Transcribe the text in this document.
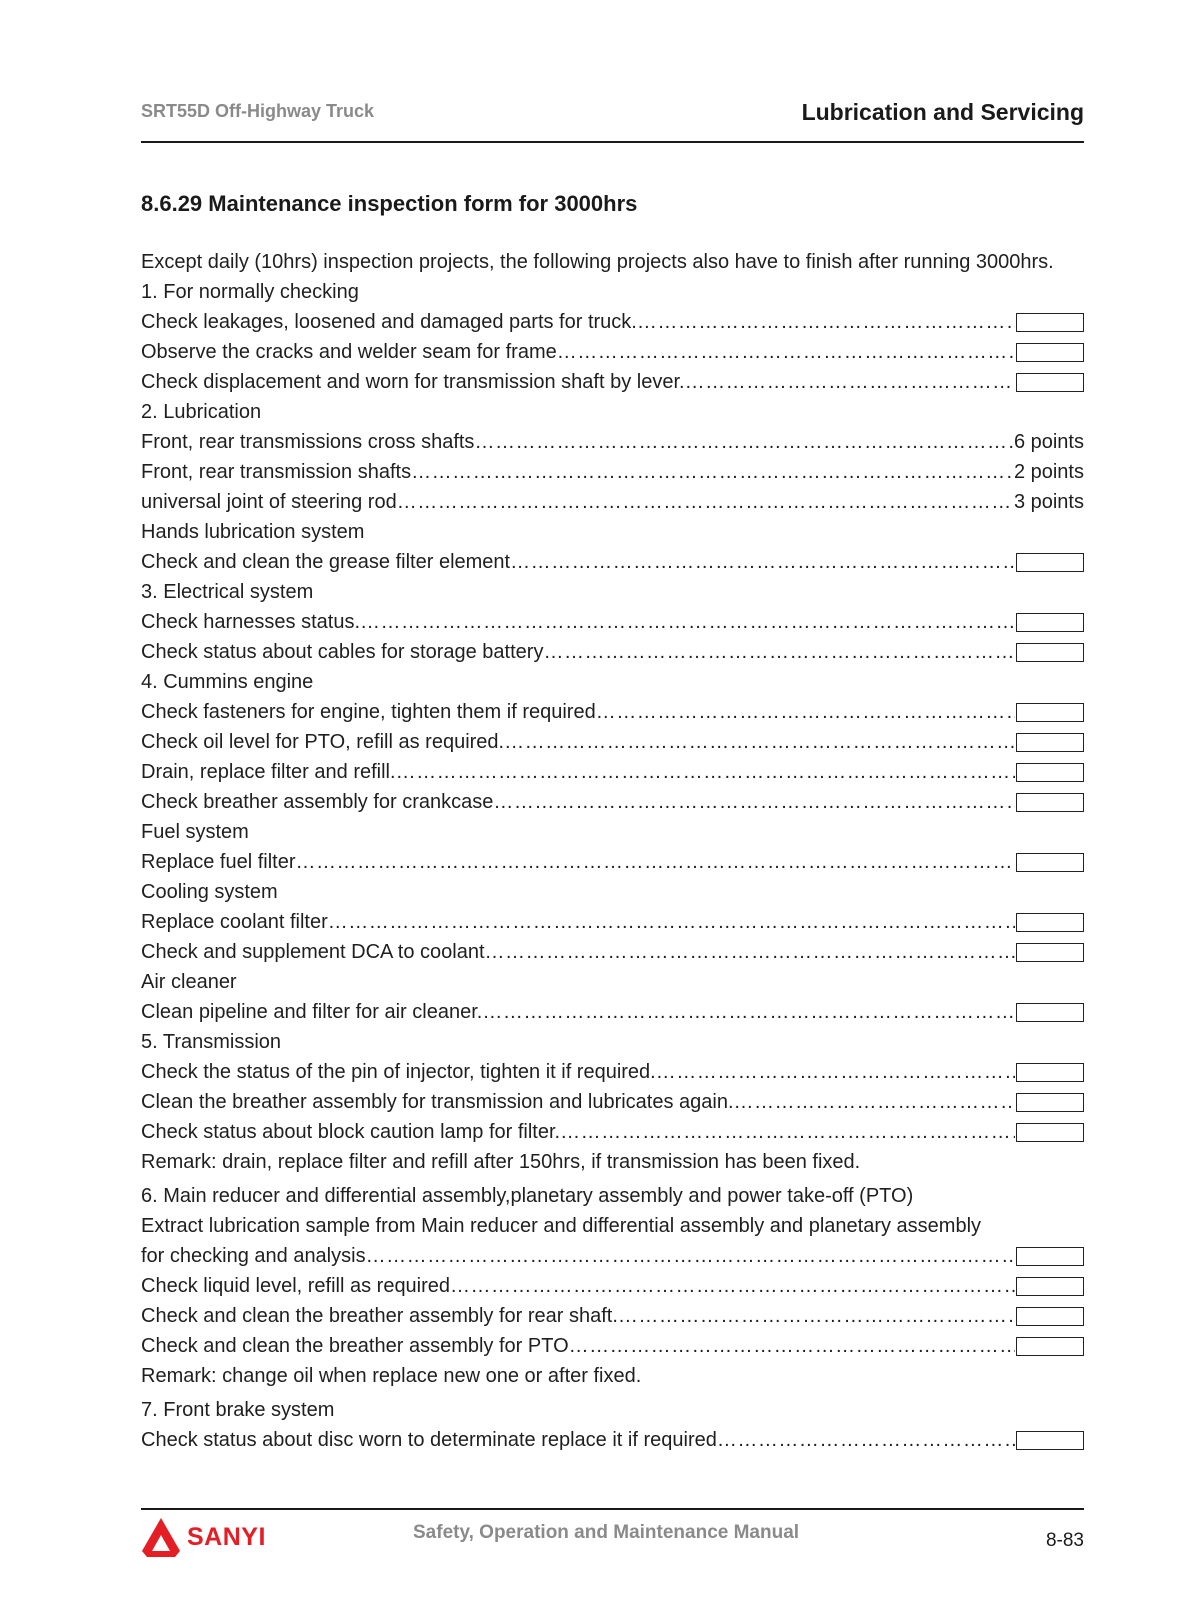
SRT55D Off-Highway Truck	Lubrication and Servicing
8.6.29 Maintenance inspection form for 3000hrs
Except daily (10hrs) inspection projects, the following projects also have to finish after running 3000hrs.
1. For normally checking
Check leakages, loosened and damaged parts for truck.
………………………………………………………………………………………………………………………………………………………………………………………
Observe the cracks and welder seam for frame
………………………………………………………………………………………………………………………………………………………………………………………
Check displacement and worn for transmission shaft by lever.
………………………………………………………………………………………………………………………………………………………………………………………
2. Lubrication
Front, rear transmissions cross shafts ………………………………………………………………………………………………………………………………………………………………………………………	6 points
Front, rear transmission shafts ………………………………………………………………………………………………………………………………………………………………………………………	2 points
universal joint of steering rod ………………………………………………………………………………………………………………………………………………………………………………………	3 points
Hands lubrication system
Check and clean the grease filter element
………………………………………………………………………………………………………………………………………………………………………………………
3. Electrical system
Check harnesses status.
………………………………………………………………………………………………………………………………………………………………………………………
Check status about cables for storage battery
………………………………………………………………………………………………………………………………………………………………………………………
4. Cummins engine
Check fasteners for engine, tighten them if required
………………………………………………………………………………………………………………………………………………………………………………………
Check oil level for PTO, refill as required.
………………………………………………………………………………………………………………………………………………………………………………………
Drain, replace filter and refill.
………………………………………………………………………………………………………………………………………………………………………………………
Check breather assembly for crankcase
………………………………………………………………………………………………………………………………………………………………………………………
Fuel system
Replace fuel filter
………………………………………………………………………………………………………………………………………………………………………………………
Cooling system
Replace coolant filter
………………………………………………………………………………………………………………………………………………………………………………………
Check and supplement DCA to coolant
………………………………………………………………………………………………………………………………………………………………………………………
Air cleaner
Clean pipeline and filter for air cleaner.
………………………………………………………………………………………………………………………………………………………………………………………
5. Transmission
Check the status of the pin of injector, tighten it if required.
………………………………………………………………………………………………………………………………………………………………………………………
Clean the breather assembly for transmission and lubricates again.
………………………………………………………………………………………………………………………………………………………………………………………
Check status about block caution lamp for filter.
………………………………………………………………………………………………………………………………………………………………………………………
Remark: drain, replace filter and refill after 150hrs, if transmission has been fixed.
6. Main reducer and differential assembly,planetary assembly and power take-off (PTO)
Extract lubrication sample from Main reducer and differential assembly and planetary assembly
for checking and analysis
………………………………………………………………………………………………………………………………………………………………………………………
Check liquid level, refill as required
………………………………………………………………………………………………………………………………………………………………………………………
Check and clean the breather assembly for rear shaft.
………………………………………………………………………………………………………………………………………………………………………………………
Check and clean the breather assembly for PTO
………………………………………………………………………………………………………………………………………………………………………………………
Remark: change oil when replace new one or after fixed.
7. Front brake system
Check status about disc worn to determinate replace it if required
………………………………………………………………………………………………………………………………………………………………………………………
SANYI	Safety, Operation and Maintenance Manual	8-83
